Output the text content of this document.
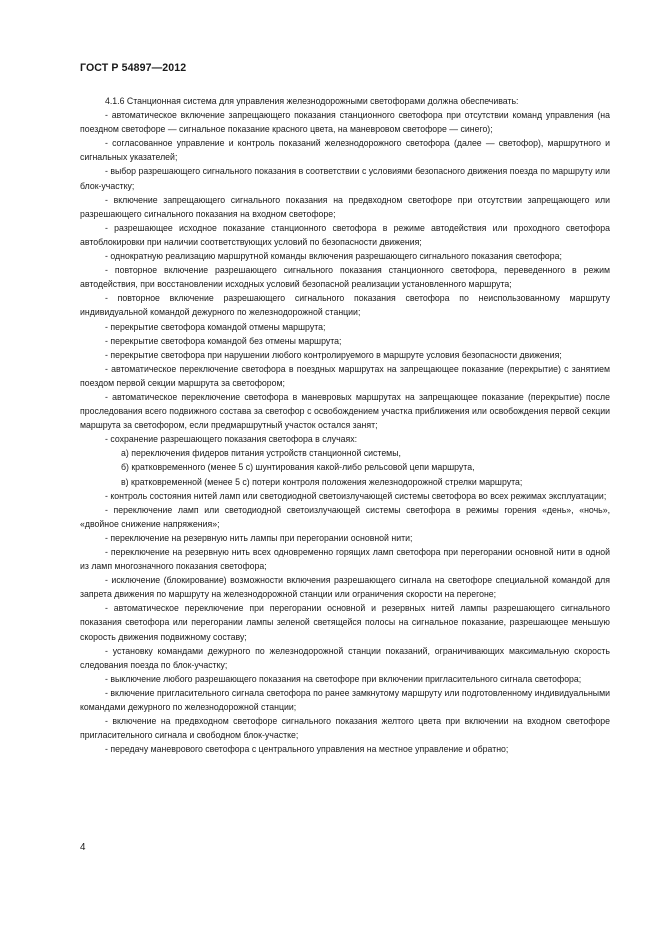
ГОСТ Р 54897—2012

4.1.6 Станционная система для управления железнодорожными светофорами должна обеспечивать:

- автоматическое включение запрещающего показания станционного светофора при отсутствии команд управления (на поездном светофоре — сигнальное показание красного цвета, на маневровом светофоре — синего);

- согласованное управление и контроль показаний железнодорожного светофора (далее — светофор), маршрутного и сигнальных указателей;

- выбор разрешающего сигнального показания в соответствии с условиями безопасного движения поезда по маршруту или блок-участку;

- включение запрещающего сигнального показания на предвходном светофоре при отсутствии запрещающего или разрешающего сигнального показания на входном светофоре;

- разрешающее исходное показание станционного светофора в режиме автодействия или проходного светофора автоблокировки при наличии соответствующих условий по безопасности движения;

- однократную реализацию маршрутной команды включения разрешающего сигнального показания светофора;

- повторное включение разрешающего сигнального показания станционного светофора, переведенного в режим автодействия, при восстановлении исходных условий безопасной реализации установленного маршрута;

- повторное включение разрешающего сигнального показания светофора по неиспользованному маршруту индивидуальной командой дежурного по железнодорожной станции;

- перекрытие светофора командой отмены маршрута;

- перекрытие светофора командой без отмены маршрута;

- перекрытие светофора при нарушении любого контролируемого в маршруте условия безопасности движения;

- автоматическое переключение светофора в поездных маршрутах на запрещающее показание (перекрытие) с занятием поездом первой секции маршрута за светофором;

- автоматическое переключение светофора в маневровых маршрутах на запрещающее показание (перекрытие) после проследования всего подвижного состава за светофор с освобождением участка приближения или освобождения первой секции маршрута за светофором, если предмаршрутный участок остался занят;

- сохранение разрешающего показания светофора в случаях:

а) переключения фидеров питания устройств станционной системы,

б) кратковременного (менее 5 с) шунтирования какой-либо рельсовой цепи маршрута,

в) кратковременной (менее 5 с) потери контроля положения железнодорожной стрелки маршрута;

- контроль состояния нитей ламп или светодиодной светоизлучающей системы светофора во всех режимах эксплуатации;

- переключение ламп или светодиодной светоизлучающей системы светофора в режимы горения «день», «ночь», «двойное снижение напряжения»;

- переключение на резервную нить лампы при перегорании основной нити;

- переключение на резервную нить всех одновременно горящих ламп светофора при перегорании основной нити в одной из ламп многозначного показания светофора;

- исключение (блокирование) возможности включения разрешающего сигнала на светофоре специальной командой для запрета движения по маршруту на железнодорожной станции или ограничения скорости на перегоне;

- автоматическое переключение при перегорании основной и резервных нитей лампы разрешающего сигнального показания светофора или перегорании лампы зеленой светящейся полосы на сигнальное показание, разрешающее меньшую скорость движения подвижному составу;

- установку командами дежурного по железнодорожной станции показаний, ограничивающих максимальную скорость следования поезда по блок-участку;

- выключение любого разрешающего показания на светофоре при включении пригласительного сигнала светофора;

- включение пригласительного сигнала светофора по ранее замкнутому маршруту или подготовленному индивидуальными командами дежурного по железнодорожной станции;

- включение на предвходном светофоре сигнального показания желтого цвета при включении на входном светофоре пригласительного сигнала и свободном блок-участке;

- передачу маневрового светофора с центрального управления на местное управление и обратно;

4
